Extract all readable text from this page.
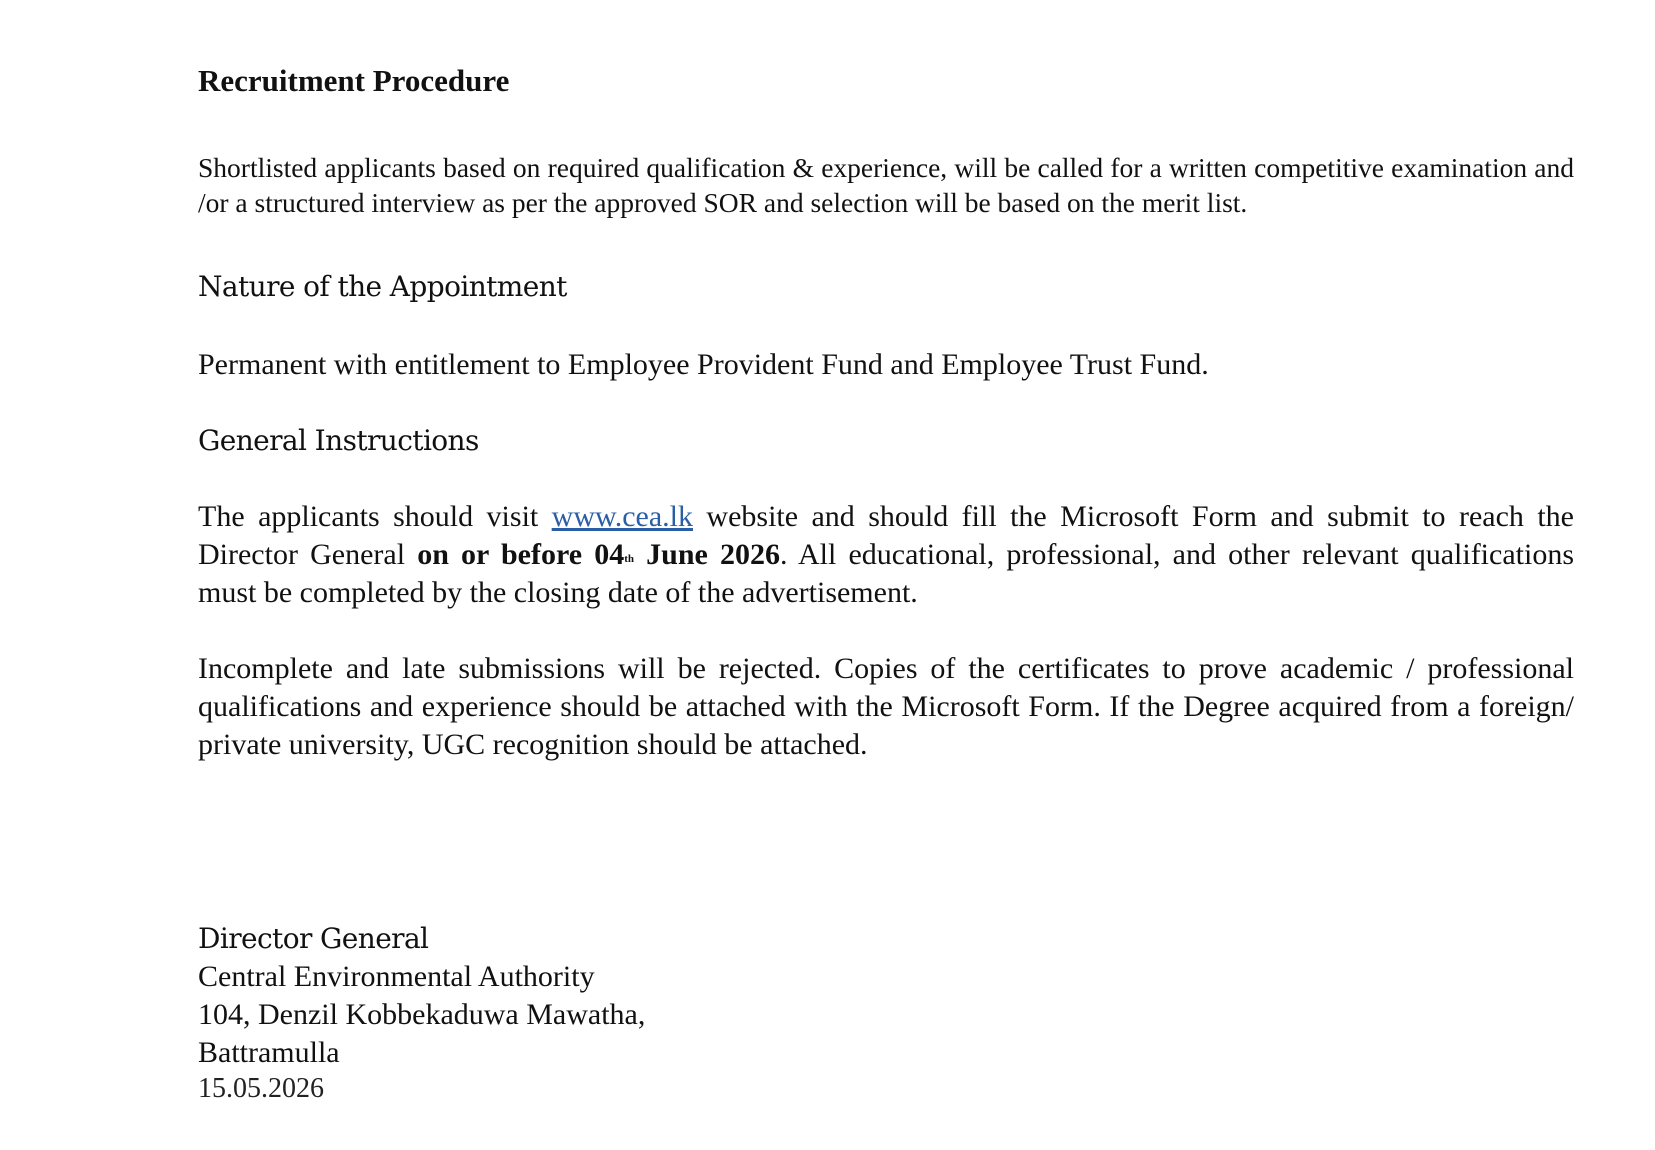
Recruitment Procedure

Shortlisted applicants based on required qualification & experience, will be called for a written competitive examination and /or a structured interview as per the approved SOR and selection will be based on the merit list.

Nature of the Appointment

Permanent with entitlement to Employee Provident Fund and Employee Trust Fund.

General Instructions

The applicants should visit www.cea.lk website and should fill the Microsoft Form and submit to reach the Director General on or before 04th June 2026. All educational, professional, and other relevant qualifications must be completed by the closing date of the advertisement.

Incomplete and late submissions will be rejected. Copies of the certificates to prove academic / professional qualifications and experience should be attached with the Microsoft Form. If the Degree acquired from a foreign/ private university, UGC recognition should be attached.

Director General

Central Environmental Authority

104, Denzil Kobbekaduwa Mawatha,

Battramulla

15.05.2026
